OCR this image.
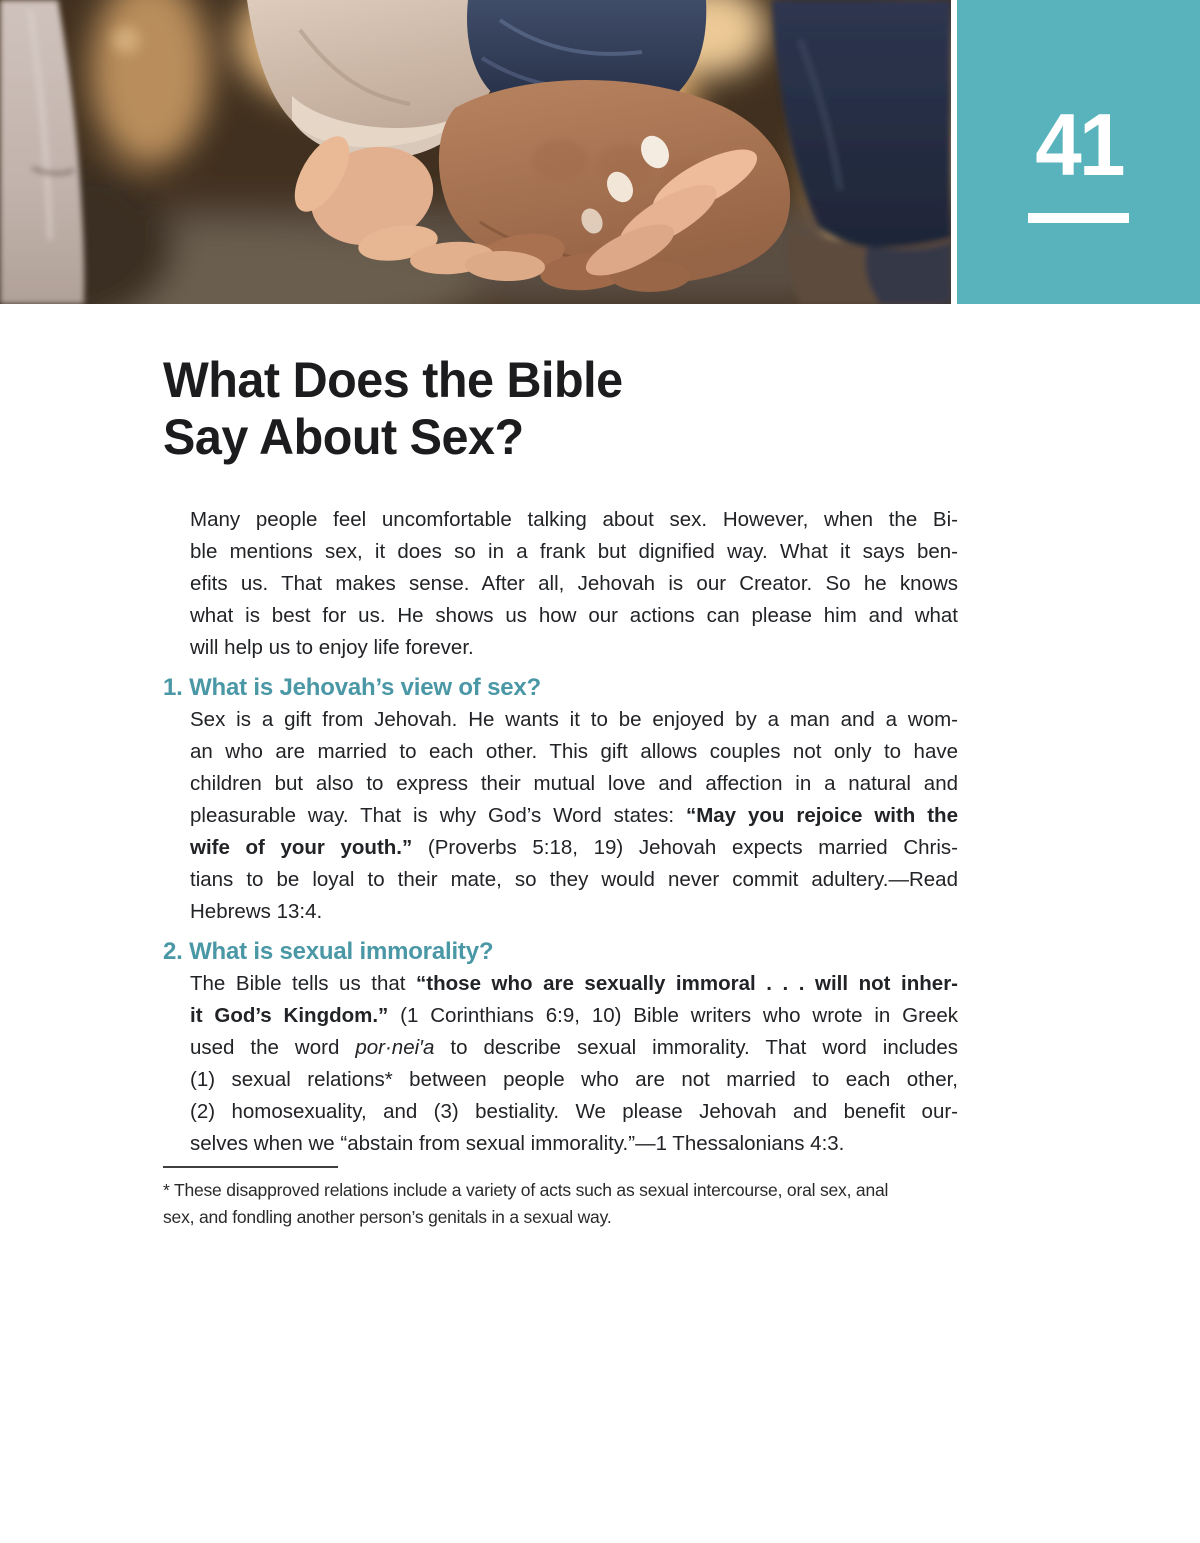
41
What Does the Bible
Say About Sex?
Many people feel uncomfortable talking about sex. However, when the Bi-
ble mentions sex, it does so in a frank but dignified way. What it says ben-
efits us. That makes sense. After all, Jehovah is our Creator. So he knows
what is best for us. He shows us how our actions can please him and what
will help us to enjoy life forever.
1. What is Jehovah’s view of sex?
Sex is a gift from Jehovah. He wants it to be enjoyed by a man and a wom-
an who are married to each other. This gift allows couples not only to have
children but also to express their mutual love and affection in a natural and
pleasurable way. That is why God’s Word states: “May you rejoice with the
wife of your youth.” (Proverbs 5:18, 19) Jehovah expects married Chris-
tians to be loyal to their mate, so they would never commit adultery.—Read
Hebrews 13:4.
2. What is sexual immorality?
The Bible tells us that “those who are sexually immoral . . . will not inher-
it God’s Kingdom.” (1 Corinthians 6:9, 10) Bible writers who wrote in Greek
used the word por·nei′a to describe sexual immorality. That word includes
(1) sexual relations* between people who are not married to each other,
(2) homosexuality, and (3) bestiality. We please Jehovah and benefit our-
selves when we “abstain from sexual immorality.”—1 Thessalonians 4:3.
* These disapproved relations include a variety of acts such as sexual intercourse, oral sex, anal
sex, and fondling another person’s genitals in a sexual way.
